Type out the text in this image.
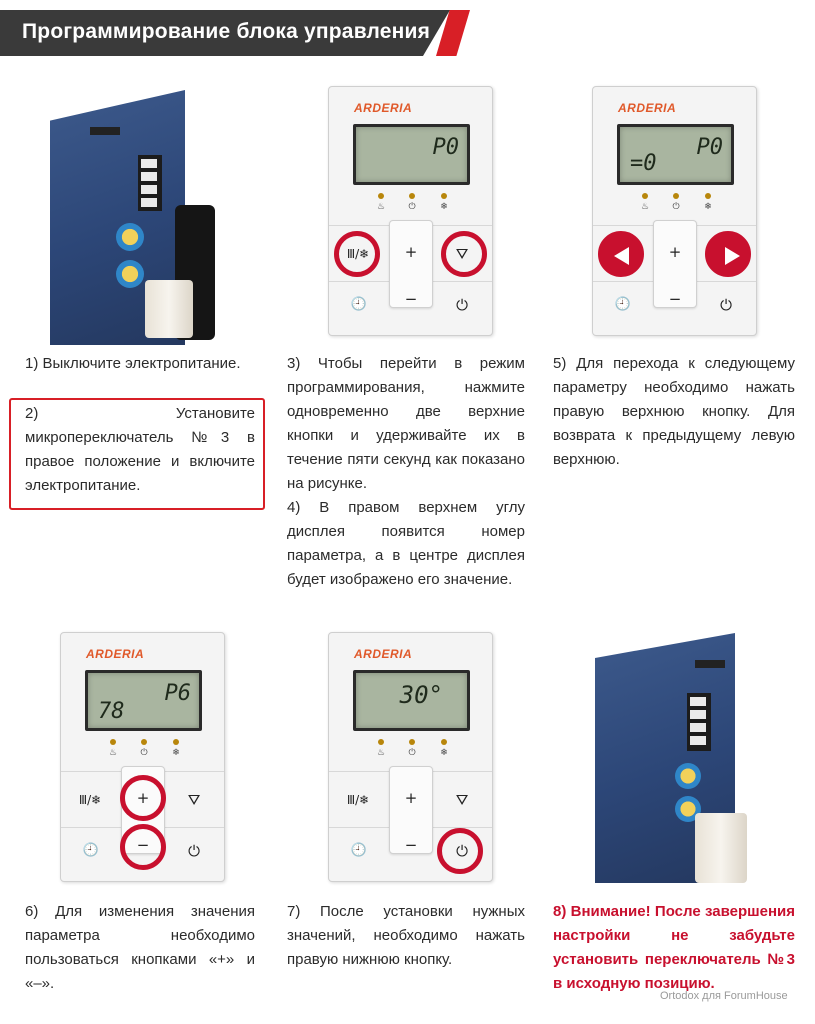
Программирование блока управления
ARDERIA
P0
♨	⏻	❄
+
−
Ⅲ/❄	⛛
🕘	⏻
ARDERIA
P0
=0
♨	⏻	❄
+
−
🕘	⏻
1) Выключите электропитание.
2) Установите микропереключатель №3 в правое положение и включите электропитание.
3) Чтобы перейти в режим программирования, нажмите одновременно две верхние кнопки и удерживайте их в течение пяти секунд как показано на рисунке.
4) В правом верхнем углу дисплея появится номер параметра, а в центре дисплея будет изображено его значение.
5) Для перехода к следующему параметру необходимо нажать правую верхнюю кнопку. Для возврата к предыдущему левую верхнюю.
ARDERIA
P6
78
♨	⏻	❄
+
−
Ⅲ/❄	⛛
🕘	⏻
ARDERIA
30°
♨	⏻	❄
+
−
Ⅲ/❄	⛛
🕘	⏻
6) Для изменения значения параметра необходимо пользоваться кнопками «+» и «–».
7) После установки нужных значений, необходимо нажать правую нижнюю кнопку.
8) Внимание! После завершения настройки не забудьте установить переключатель №3 в исходную позицию.
Ortodox для ForumHouse
